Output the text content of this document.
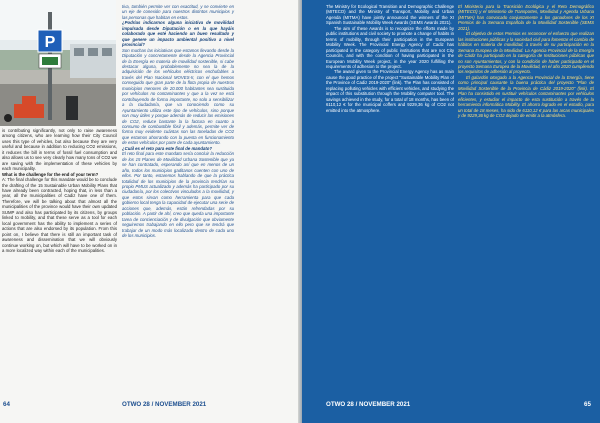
P

is contributing significantly, not only to raise awareness among citizens, who are learning how their City Council uses this type of vehicles, but also because they are very useful and because in addition to reducing CO2 emissions, it reduces the bill in terms of fossil fuel consumption and also allows us to see very clearly how many tons of CO2 we are saving with the implementation of these vehicles by each municipality.

What is the challenge for the end of your term?

A: The final challenge for this mandate would be to conclude the drafting of the 15 Sustainable Urban Mobility Plans that have already been contracted, hoping that, in less than a year, all the municipalities of Cadiz have one of them. Therefore, we will be talking about that almost all the municipalities of the province would have their own updated SUMP and also has participated by its citizens, by groups linked to mobility, and that these serve as a tool for each local government has the ability to implement a series of actions that are also endorsed by its population. From this point on, I believe that there is still an important task of awareness and dissemination that we will obviously continue working on, but which will have to be worked on in a more localized way within each of the municipalities.

tiva, también permite ver con exactitud, y se convierte en un eje de conexión para nuestros distintos municipios y las personas que habitan en estos.

¿Podrías indicarnos alguna iniciativa de movilidad impulsada desde Diputación o en la que hayáis colaborado que esté haciendo un buen resultado y que genere un impacto ambiental positivo a nivel provincial?

Son muchas las iniciativas que estamos llevando desde la Diputación y concretamente desde la Agencia Provincial de la Energía en materia de movilidad sostenible, si cabe destacar alguna, probablemente no sea la de la adquisición de los vehículos eléctricos enchufables a través del Plan Nacional MOVES-II, con el que hemos conseguido que gran parte de la flota propia de nuestros municipios menores de 20.000 habitantes sea sustituida por vehículos no contaminantes y que a la vez se está contribuyendo de forma importante, no solo a sensibilizar a la ciudadanía, que va conociendo como su Ayuntamiento utiliza este tipo de vehículos, sino porque son muy útiles y porque además de reducir las emisiones de CO2, reduce bastante la la factura en cuanto a consumo de combustible fósil y además, permite ver de forma muy evidente cuántas son las toneladas de CO2 que estamos ahorrando con la puesta en funcionamiento de estos vehículos por parte de cada ayuntamiento.

¿Cuál es el reto para este final de mandato?

El reto final para este mandato sería concluir la redacción de los 15 Planes de Movilidad Urbana Sostenible que ya se han contratado, esperando así que en menos de un año, todos los municipios gaditanos cuenten con uno de ellos. Por tanto, estaremos hablando de que la práctica totalidad de los municipios de la provincia tendrían su propio PMUS actualizado y además ha participado por su ciudadanía, por los colectivos vinculados a la movilidad, y que estos sirvan como herramienta para que cada gobierno local tenga la capacidad de ejecutar una serie de acciones que, además, están refrendadas por su población. A partir de ahí, creo que queda una importante tarea de concienciación y de divulgación que obviamente seguiremos trabajando en ello pero que se tendrá que trabajar de un modo más localizado dentro de cada uno de los municipios.

64	OTWO 28 / NOVEMBER 2021

The Ministry for Ecological Transition and Demographic Challenge (MITECO) and the Ministry of Transport, Mobility and Urban Agenda (MITMA) have jointly announced the winners of the XI Spanish Sustainable Mobility Week Awards (SEMS Awards 2021).

The aim of these Awards is to recognize the efforts made by public institutions and civil society to promote a change of habits in terms of mobility, through their participation in the European Mobility Week. The Provincial Energy Agency of Cadiz has participated in the category of public institutions that are not City Councils, and with the condition of having participated in the European Mobility Week project, in the year 2020 fulfilling the requirements of adhesion to the project.

The award given to the Provincial Energy Agency has as main cause the good practice of the project "Sustainable Mobility Plan of the Province of Cadiz 2019-2020" (link). The Plan has consisted of replacing polluting vehicles with efficient vehicles, and studying the impact of this substitution through the Mobility computer tool. The savings achieved in the study, for a total of 18 months, has been of 6110,12 € for the municipal coffers and 9229,36 kg of CO2 not emitted into the atmosphere.

El Ministerio para la Transición Ecológica y el Reto Demográfico (MITECO) y el Ministerio de Transportes, Movilidad y Agenda Urbana (MITMA) han convocado conjuntamente a los ganadores de los XI Premios de la Semana Española de la Movilidad Sostenible (SEMS 2021).

El objetivo de estos Premios es reconocer el esfuerzo que realizan las instituciones públicas y la sociedad civil para fomentar el cambio de hábitos en materia de movilidad, a través de su participación en la Semana Europea de la Movilidad. La Agencia Provincial de la Energía de Cádiz ha participado en la categoría de Instituciones públicas que no son Ayuntamientos, y con la condición de haber participado en el proyecto Semana Europea de la Movilidad, en el año 2020 cumpliendo los requisitos de adhesión al proyecto.

El galardón otorgado a la Agencia Provincial de la Energía, tiene como principal causante la buena práctica del proyecto "Plan de Movilidad Sostenible de la Provincia de Cádiz 2019-2020" (link). El Plan ha consistido en sustituir vehículos contaminantes por vehículos eficientes, y estudiar el impacto de esta sustitución a través de la herramienta informática Mobility. El ahorro logrado en el estudio, para un total de 18 meses, ha sido de 6110,12 € para las arcas municipales y de 9229,36 kg de CO2 dejado de emitir a la atmósfera.

OTWO 28 / NOVEMBER 2021	65
